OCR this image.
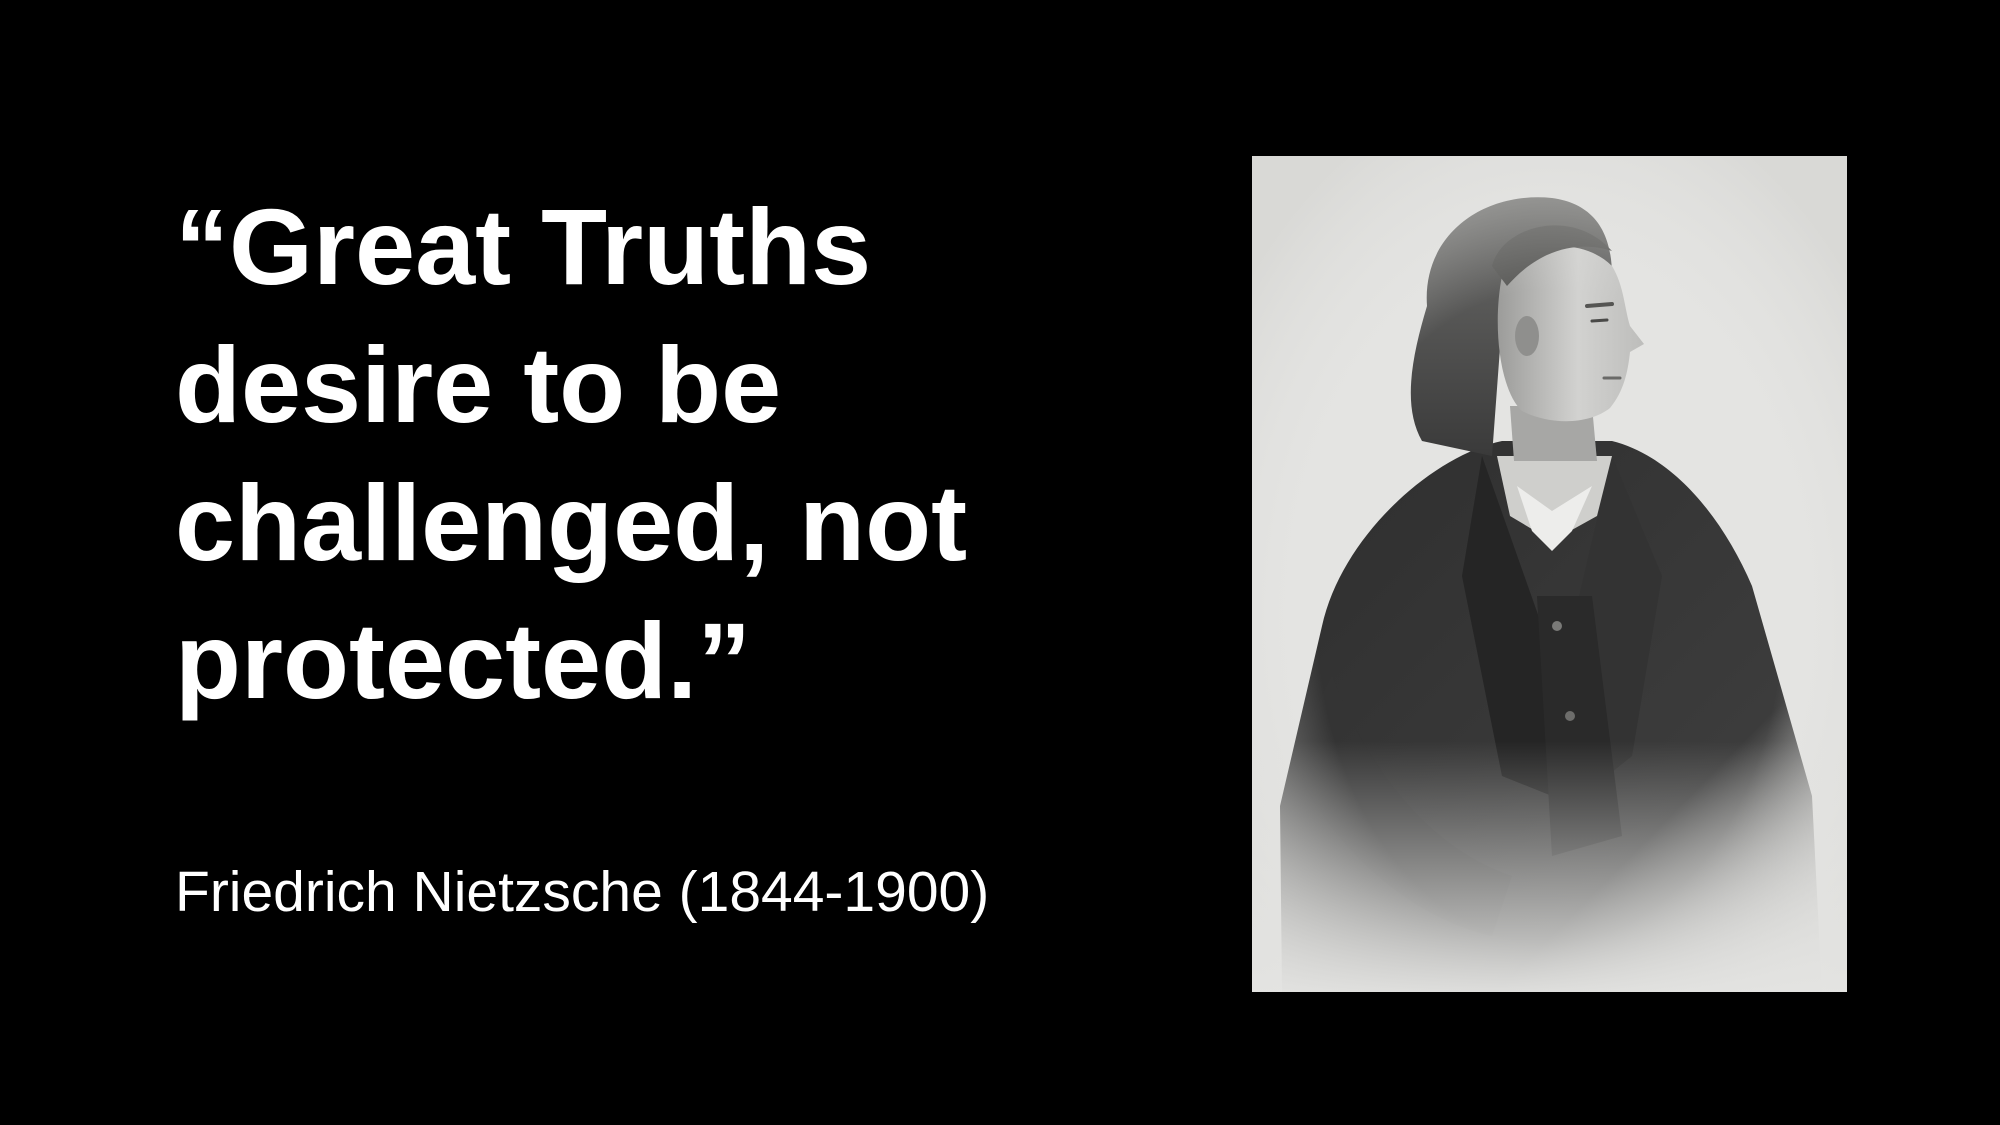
“Great Truths
desire to be
challenged, not
protected.”

Friedrich Nietzsche (1844-1900)
